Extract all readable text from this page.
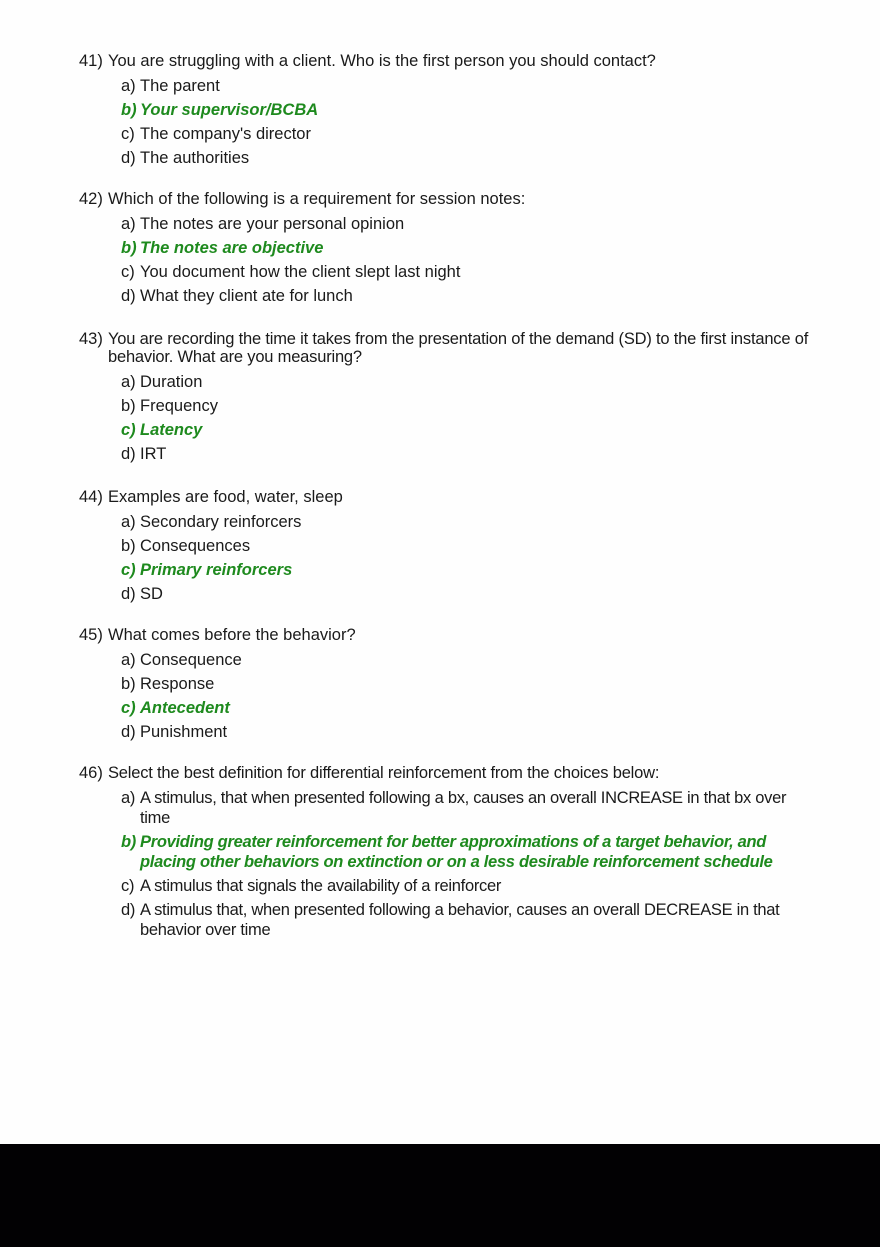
41) You are struggling with a client. Who is the first person you should contact?
a) The parent
b) Your supervisor/BCBA
c) The company's director
d) The authorities
42) Which of the following is a requirement for session notes:
a) The notes are your personal opinion
b) The notes are objective
c) You document how the client slept last night
d) What they client ate for lunch
43) You are recording the time it takes from the presentation of the demand (SD) to the first instance of behavior. What are you measuring?
a) Duration
b) Frequency
c) Latency
d) IRT
44) Examples are food, water, sleep
a) Secondary reinforcers
b) Consequences
c) Primary reinforcers
d) SD
45) What comes before the behavior?
a) Consequence
b) Response
c) Antecedent
d) Punishment
46) Select the best definition for differential reinforcement from the choices below:
a) A stimulus, that when presented following a bx, causes an overall INCREASE in that bx over time
b) Providing greater reinforcement for better approximations of a target behavior, and placing other behaviors on extinction or on a less desirable reinforcement schedule
c) A stimulus that signals the availability of a reinforcer
d) A stimulus that, when presented following a behavior, causes an overall DECREASE in that behavior over time
